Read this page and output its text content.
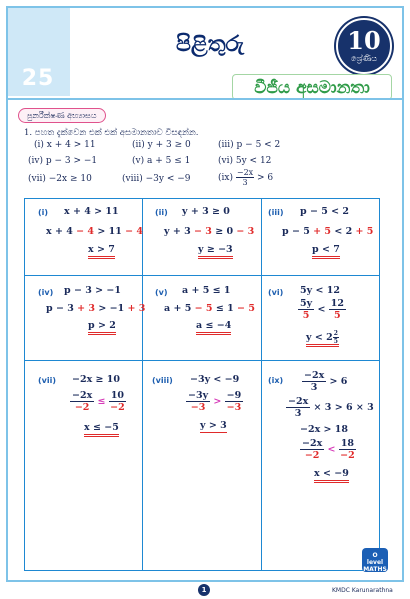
25
පිළිතුරු	10
ශ්‍රේණිය
වීජීය අසමානතා
පුනරීක්ෂණ අභ්‍යාසය
1. පහත දැක්වෙන එක් එක් අසමානතාව විසඳන්න.
(i) x + 4 > 11	(ii) y + 3 ≥ 0	(iii) p − 5 < 2
(iv) p − 3 > −1	(v) a + 5 ≤ 1	(vi) 5y < 12
(vii) −2x ≥ 10	(viii) −3y < −9	$(ix) \frac{-2x}{3} > 6$
(i) x + 4 > 11
x + 4 − 4 > 11 − 4
x > 7
(ii) y + 3 ≥ 0
y + 3 − 3 ≥ 0 − 3
y ≥ −3
(iii) p − 5 < 2
p − 5 + 5 < 2 + 5
p < 7
(iv) p − 3 > −1
p − 3 + 3 > −1 + 3
p > 2
(v) a + 5 ≤ 1
a + 5 − 5 ≤ 1 − 5
a ≤ −4
(vi) 5y < 12
$\frac{5y}{5} < \frac{12}{5}$
$y < 2 \frac{2}{5}$
(vii) −2x ≥ 10
$\frac{-2x}{-2} \le \frac{10}{-2}$
x ≤ −5
(viii) −3y < −9
$\frac{-3y}{-3} > \frac{-9}{-3}$
y > 3
$(ix) \frac{-2x}{3} > 6$
$\frac{-2x}{3} \times 3 > 6 \times 3$
−2x > 18
$\frac{-2x}{-2} < \frac{18}{-2}$
x < −9
O
level
MATHS
1	KMDC Karunarathna
